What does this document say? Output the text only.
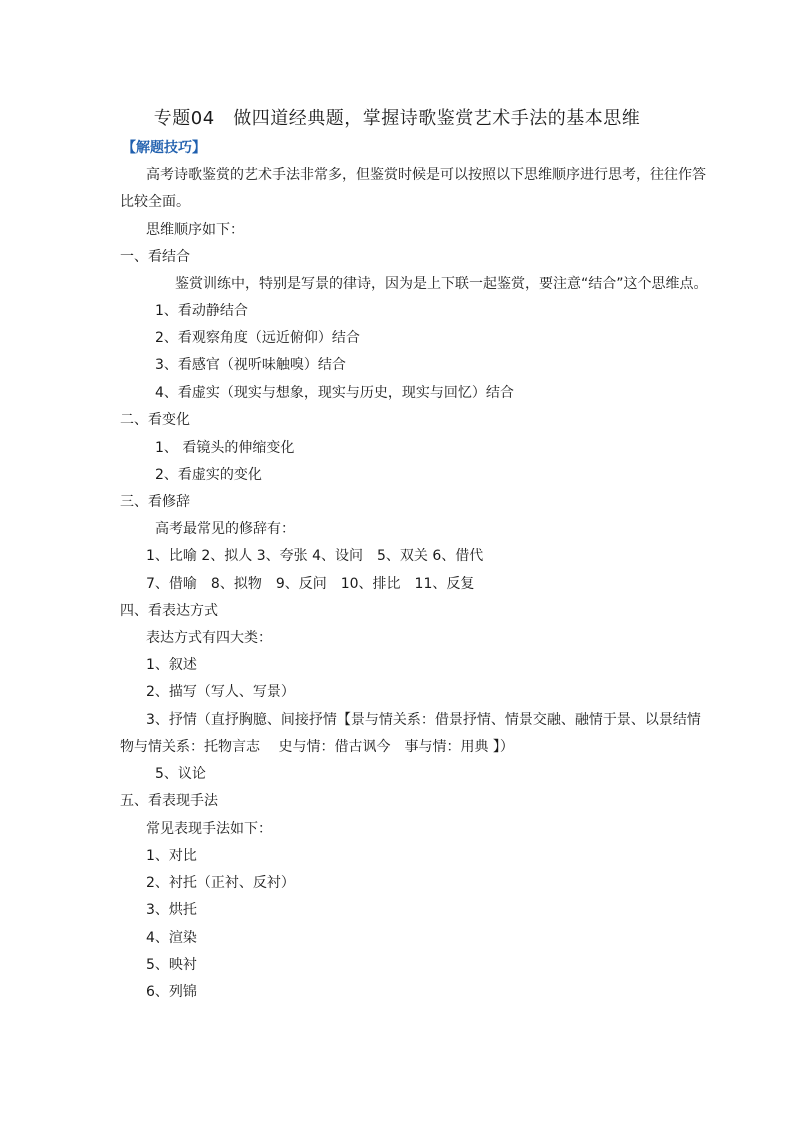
专题04　做四道经典题，掌握诗歌鉴赏艺术手法的基本思维
【解题技巧】
高考诗歌鉴赏的艺术手法非常多，但鉴赏时候是可以按照以下思维顺序进行思考，往往作答
比较全面。
思维顺序如下：
一、看结合
鉴赏训练中，特别是写景的律诗，因为是上下联一起鉴赏，要注意“结合”这个思维点。
1、看动静结合
2、看观察角度（远近俯仰）结合
3、看感官（视听味触嗅）结合
4、看虚实（现实与想象，现实与历史，现实与回忆）结合
二、看变化
1、 看镜头的伸缩变化
2、看虚实的变化
三、看修辞
高考最常见的修辞有：
1、比喻 2、拟人 3、夸张 4、设问　5、双关 6、借代
7、借喻　8、拟物　9、反问　10、排比　11、反复
四、看表达方式
表达方式有四大类：
1、叙述
2、描写（写人、写景）
3、抒情（直抒胸臆、间接抒情【景与情关系：借景抒情、情景交融、融情于景、以景结情
物与情关系：托物言志　 史与情：借古讽今　事与情：用典 】）
5、议论
五、看表现手法
常见表现手法如下：
1、对比
2、衬托（正衬、反衬）
3、烘托
4、渲染
5、映衬
6、列锦
